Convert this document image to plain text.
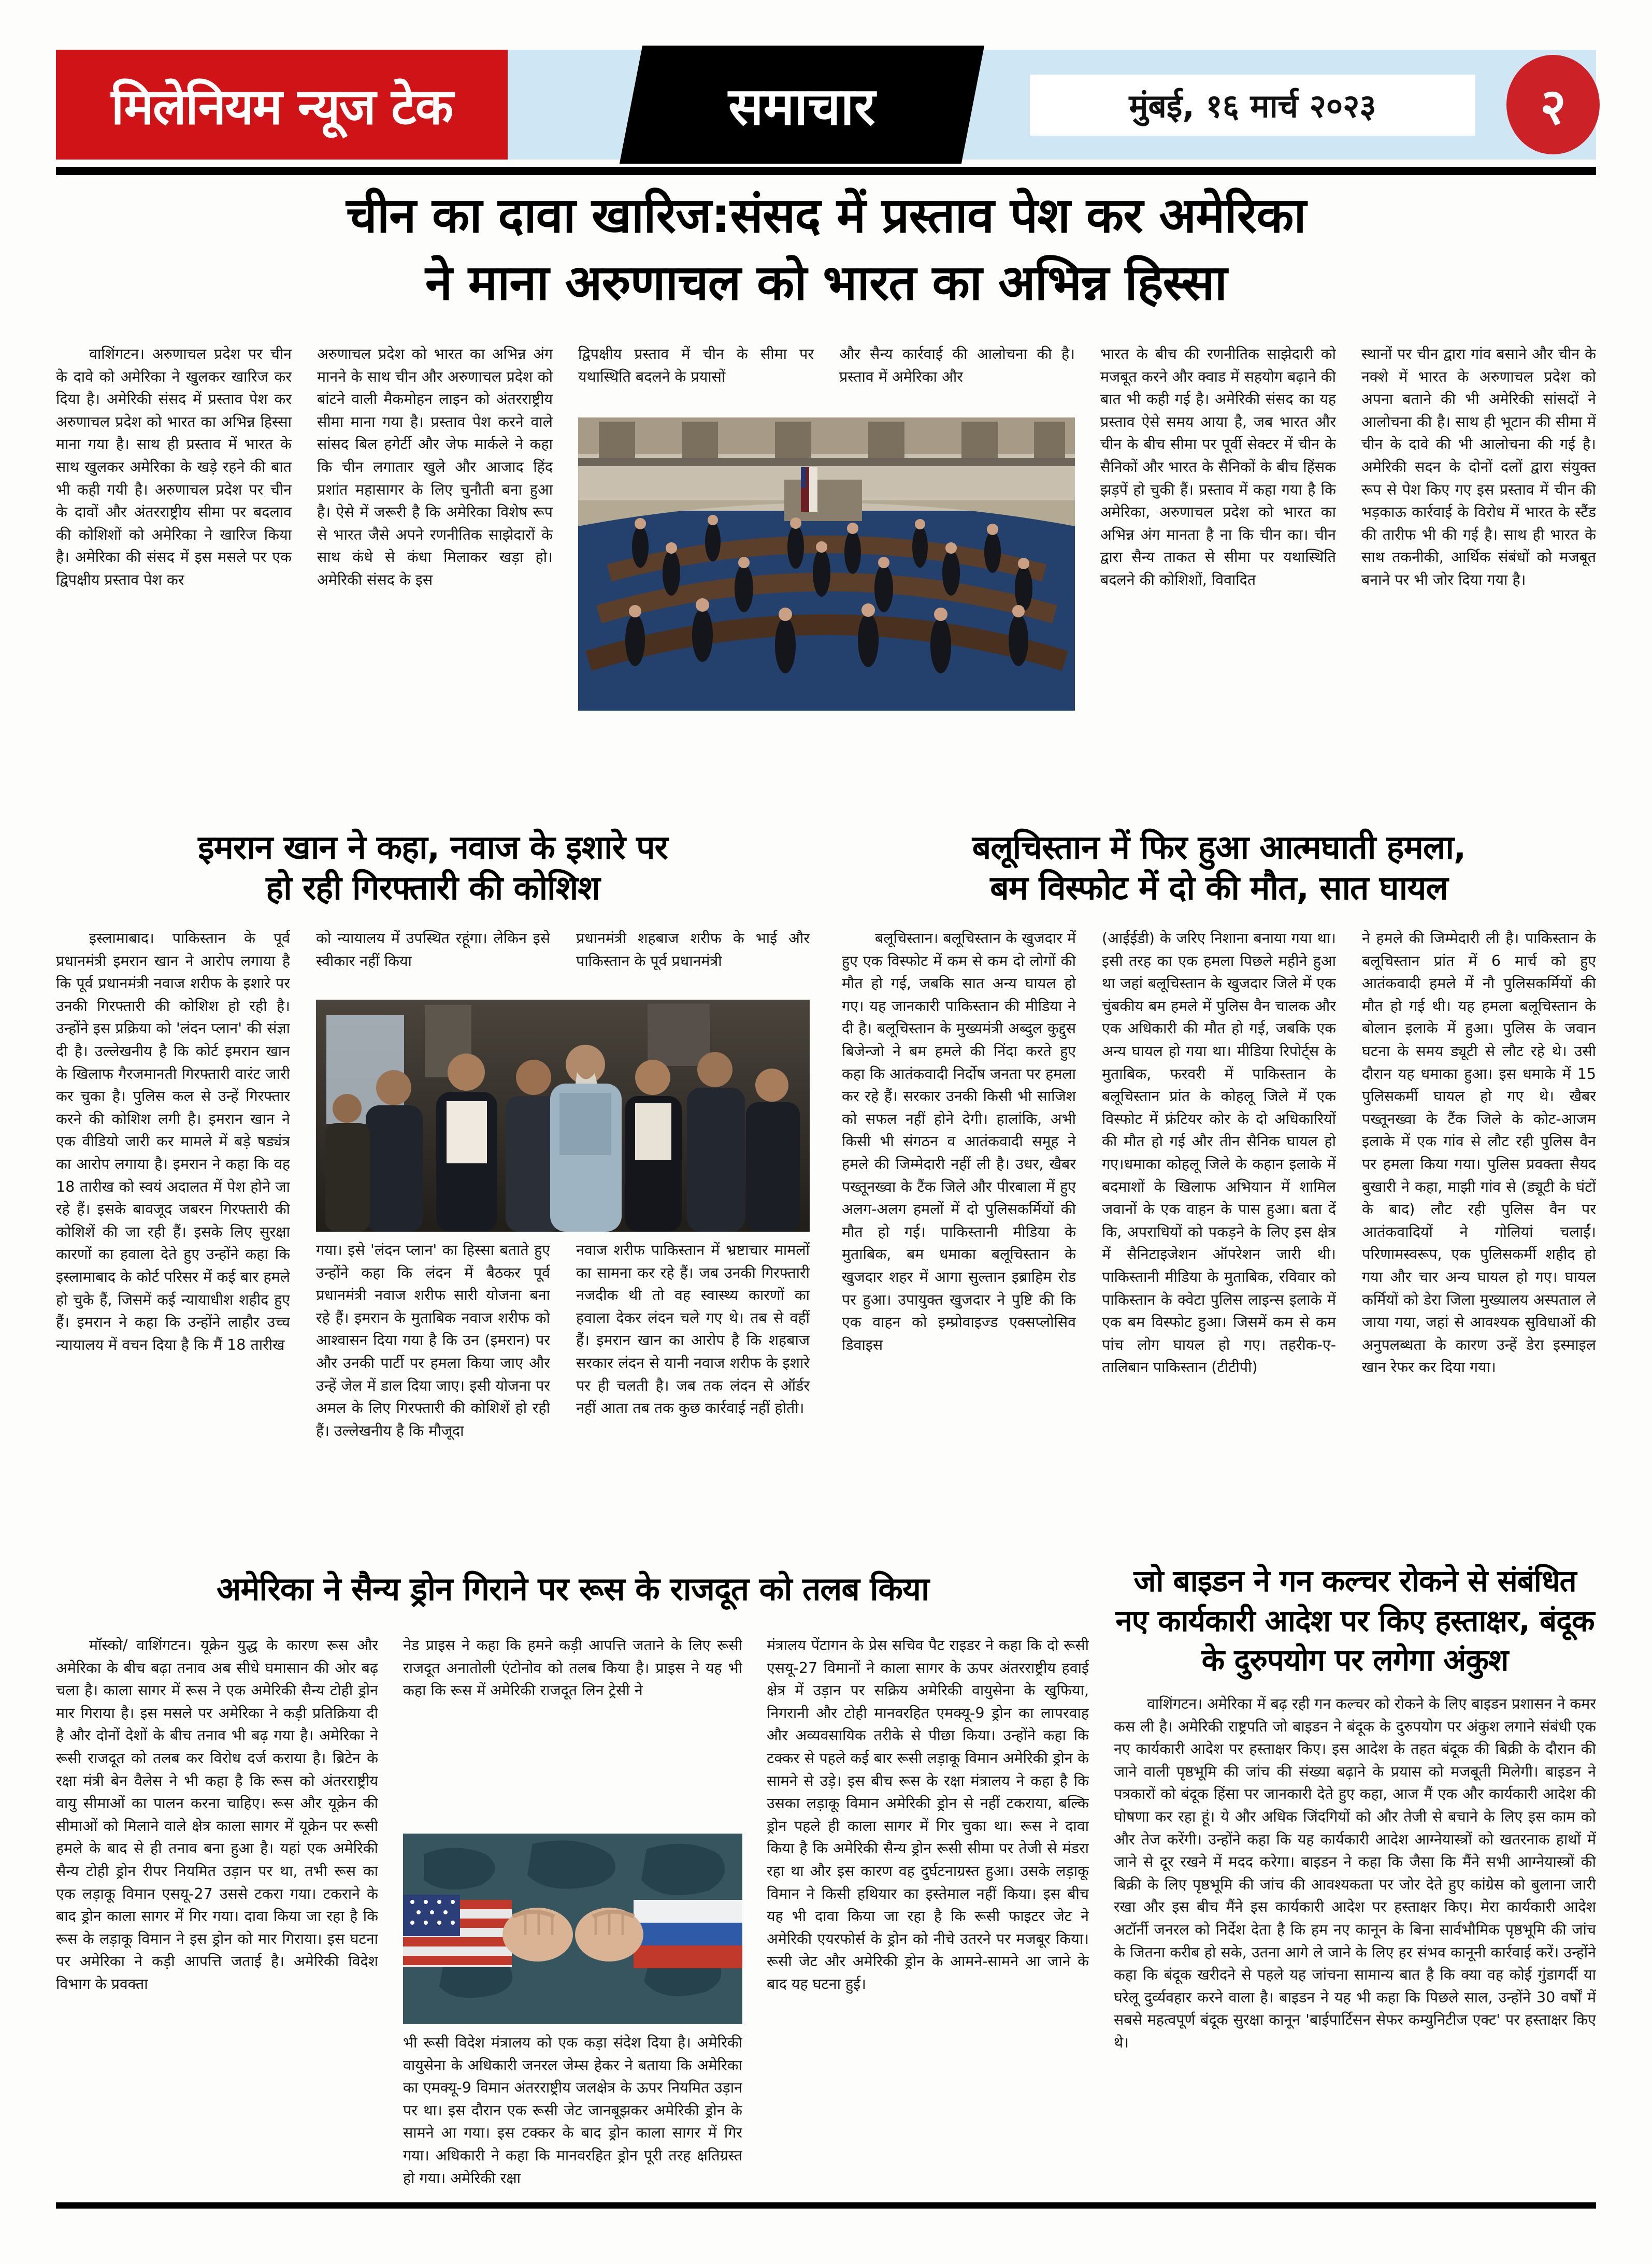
मिलेनियम न्यूज टेक	समाचार	मुंबई, १६ मार्च २०२३	२
चीन का दावा खारिज:संसद में प्रस्ताव पेश कर अमेरिका
ने माना अरुणाचल को भारत का अभिन्न हिस्सा
वाशिंगटन। अरुणाचल प्रदेश पर चीन के दावे को अमेरिका ने खुलकर खारिज कर दिया है। अमेरिकी संसद में प्रस्ताव पेश कर अरुणाचल प्रदेश को भारत का अभिन्न हिस्सा माना गया है। साथ ही प्रस्ताव में भारत के साथ खुलकर अमेरिका के खड़े रहने की बात भी कही गयी है। अरुणाचल प्रदेश पर चीन के दावों और अंतरराष्ट्रीय सीमा पर बदलाव की कोशिशों को अमेरिका ने खारिज किया है। अमेरिका की संसद में इस मसले पर एक द्विपक्षीय प्रस्ताव पेश कर
अरुणाचल प्रदेश को भारत का अभिन्न अंग मानने के साथ चीन और अरुणाचल प्रदेश को बांटने वाली मैकमोहन लाइन को अंतरराष्ट्रीय सीमा माना गया है। प्रस्ताव पेश करने वाले सांसद बिल हगेर्टी और जेफ मार्कले ने कहा कि चीन लगातार खुले और आजाद हिंद प्रशांत महासागर के लिए चुनौती बना हुआ है। ऐसे में जरूरी है कि अमेरिका विशेष रूप से भारत जैसे अपने रणनीतिक साझेदारों के साथ कंधे से कंधा मिलाकर खड़ा हो। अमेरिकी संसद के इस
द्विपक्षीय प्रस्ताव में चीन के सीमा पर यथास्थिति बदलने के प्रयासों
और सैन्य कार्रवाई की आलोचना की है। प्रस्ताव में अमेरिका और
भारत के बीच की रणनीतिक साझेदारी को मजबूत करने और क्वाड में सहयोग बढ़ाने की बात भी कही गई है। अमेरिकी संसद का यह प्रस्ताव ऐसे समय आया है, जब भारत और चीन के बीच सीमा पर पूर्वी सेक्टर में चीन के सैनिकों और भारत के सैनिकों के बीच हिंसक झड़पें हो चुकी हैं। प्रस्ताव में कहा गया है कि अमेरिका, अरुणाचल प्रदेश को भारत का अभिन्न अंग मानता है ना कि चीन का। चीन द्वारा सैन्य ताकत से सीमा पर यथास्थिति बदलने की कोशिशों, विवादित
स्थानों पर चीन द्वारा गांव बसाने और चीन के नक्शे में भारत के अरुणाचल प्रदेश को अपना बताने की भी अमेरिकी सांसदों ने आलोचना की है। साथ ही भूटान की सीमा में चीन के दावे की भी आलोचना की गई है। अमेरिकी सदन के दोनों दलों द्वारा संयुक्त रूप से पेश किए गए इस प्रस्ताव में चीन की भड़काऊ कार्रवाई के विरोध में भारत के स्टैंड की तारीफ भी की गई है। साथ ही भारत के साथ तकनीकी, आर्थिक संबंधों को मजबूत बनाने पर भी जोर दिया गया है।
इमरान खान ने कहा, नवाज के इशारे पर
हो रही गिरफ्तारी की कोशिश
इस्लामाबाद। पाकिस्तान के पूर्व प्रधानमंत्री इमरान खान ने आरोप लगाया है कि पूर्व प्रधानमंत्री नवाज शरीफ के इशारे पर उनकी गिरफ्तारी की कोशिश हो रही है। उन्होंने इस प्रक्रिया को 'लंदन प्लान' की संज्ञा दी है। उल्लेखनीय है कि कोर्ट इमरान खान के खिलाफ गैरजमानती गिरफ्तारी वारंट जारी कर चुका है। पुलिस कल से उन्हें गिरफ्तार करने की कोशिश लगी है। इमरान खान ने एक वीडियो जारी कर मामले में बड़े षड्यंत्र का आरोप लगाया है। इमरान ने कहा कि वह 18 तारीख को स्वयं अदालत में पेश होने जा रहे हैं। इसके बावजूद जबरन गिरफ्तारी की कोशिशें की जा रही हैं। इसके लिए सुरक्षा कारणों का हवाला देते हुए उन्होंने कहा कि इस्लामाबाद के कोर्ट परिसर में कई बार हमले हो चुके हैं, जिसमें कई न्यायाधीश शहीद हुए हैं। इमरान ने कहा कि उन्होंने लाहौर उच्च न्यायालय में वचन दिया है कि मैं 18 तारीख
को न्यायालय में उपस्थित रहूंगा। लेकिन इसे स्वीकार नहीं किया
प्रधानमंत्री शहबाज शरीफ के भाई और पाकिस्तान के पूर्व प्रधानमंत्री
गया। इसे 'लंदन प्लान' का हिस्सा बताते हुए उन्होंने कहा कि लंदन में बैठकर पूर्व प्रधानमंत्री नवाज शरीफ सारी योजना बना रहे हैं। इमरान के मुताबिक नवाज शरीफ को आश्वासन दिया गया है कि उन (इमरान) पर और उनकी पार्टी पर हमला किया जाए और उन्हें जेल में डाल दिया जाए। इसी योजना पर अमल के लिए गिरफ्तारी की कोशिशें हो रही हैं। उल्लेखनीय है कि मौजूदा
नवाज शरीफ पाकिस्तान में भ्रष्टाचार मामलों का सामना कर रहे हैं। जब उनकी गिरफ्तारी नजदीक थी तो वह स्वास्थ्य कारणों का हवाला देकर लंदन चले गए थे। तब से वहीं हैं। इमरान खान का आरोप है कि शहबाज सरकार लंदन से यानी नवाज शरीफ के इशारे पर ही चलती है। जब तक लंदन से ऑर्डर नहीं आता तब तक कुछ कार्रवाई नहीं होती।
बलूचिस्तान में फिर हुआ आत्मघाती हमला,
बम विस्फोट में दो की मौत, सात घायल
बलूचिस्तान। बलूचिस्तान के खुजदार में हुए एक विस्फोट में कम से कम दो लोगों की मौत हो गई, जबकि सात अन्य घायल हो गए। यह जानकारी पाकिस्तान की मीडिया ने दी है। बलूचिस्तान के मुख्यमंत्री अब्दुल कुद्दुस बिजेन्जो ने बम हमले की निंदा करते हुए कहा कि आतंकवादी निर्दोष जनता पर हमला कर रहे हैं। सरकार उनकी किसी भी साजिश को सफल नहीं होने देगी। हालांकि, अभी किसी भी संगठन व आतंकवादी समूह ने हमले की जिम्मेदारी नहीं ली है। उधर, खैबर पख्तूनख्वा के टैंक जिले और पीरबाला में हुए अलग-अलग हमलों में दो पुलिसकर्मियों की मौत हो गई। पाकिस्तानी मीडिया के मुताबिक, बम धमाका बलूचिस्तान के खुजदार शहर में आगा सुल्तान इब्राहिम रोड पर हुआ। उपायुक्त खुजदार ने पुष्टि की कि एक वाहन को इम्प्रोवाइज्ड एक्सप्लोसिव डिवाइस
(आईईडी) के जरिए निशाना बनाया गया था। इसी तरह का एक हमला पिछले महीने हुआ था जहां बलूचिस्तान के खुजदार जिले में एक चुंबकीय बम हमले में पुलिस वैन चालक और एक अधिकारी की मौत हो गई, जबकि एक अन्य घायल हो गया था। मीडिया रिपोर्ट्स के मुताबिक, फरवरी में पाकिस्तान के बलूचिस्तान प्रांत के कोहलू जिले में एक विस्फोट में फ्रंटियर कोर के दो अधिकारियों की मौत हो गई और तीन सैनिक घायल हो गए।धमाका कोहलू जिले के कहान इलाके में बदमाशों के खिलाफ अभियान में शामिल जवानों के एक वाहन के पास हुआ। बता दें कि, अपराधियों को पकड़ने के लिए इस क्षेत्र में सैनिटाइजेशन ऑपरेशन जारी थी। पाकिस्तानी मीडिया के मुताबिक, रविवार को पाकिस्तान के क्वेटा पुलिस लाइन्स इलाके में एक बम विस्फोट हुआ। जिसमें कम से कम पांच लोग घायल हो गए। तहरीक-ए-तालिबान पाकिस्तान (टीटीपी)
ने हमले की जिम्मेदारी ली है। पाकिस्तान के बलूचिस्तान प्रांत में 6 मार्च को हुए आतंकवादी हमले में नौ पुलिसकर्मियों की मौत हो गई थी। यह हमला बलूचिस्तान के बोलान इलाके में हुआ। पुलिस के जवान घटना के समय ड्यूटी से लौट रहे थे। उसी दौरान यह धमाका हुआ। इस धमाके में 15 पुलिसकर्मी घायल हो गए थे। खैबर पख्तूनख्वा के टैंक जिले के कोट-आजम इलाके में एक गांव से लौट रही पुलिस वैन पर हमला किया गया। पुलिस प्रवक्ता सैयद बुखारी ने कहा, माझी गांव से (ड्यूटी के घंटों के बाद) लौट रही पुलिस वैन पर आतंकवादियों ने गोलियां चलाईं। परिणामस्वरूप, एक पुलिसकर्मी शहीद हो गया और चार अन्य घायल हो गए। घायल कर्मियों को डेरा जिला मुख्यालय अस्पताल ले जाया गया, जहां से आवश्यक सुविधाओं की अनुपलब्धता के कारण उन्हें डेरा इस्माइल खान रेफर कर दिया गया।
अमेरिका ने सैन्य ड्रोन गिराने पर रूस के राजदूत को तलब किया
मॉस्को/ वाशिंगटन। यूक्रेन युद्ध के कारण रूस और अमेरिका के बीच बढ़ा तनाव अब सीधे घमासान की ओर बढ़ चला है। काला सागर में रूस ने एक अमेरिकी सैन्य टोही ड्रोन मार गिराया है। इस मसले पर अमेरिका ने कड़ी प्रतिक्रिया दी है और दोनों देशों के बीच तनाव भी बढ़ गया है। अमेरिका ने रूसी राजदूत को तलब कर विरोध दर्ज कराया है। ब्रिटेन के रक्षा मंत्री बेन वैलेस ने भी कहा है कि रूस को अंतरराष्ट्रीय वायु सीमाओं का पालन करना चाहिए। रूस और यूक्रेन की सीमाओं को मिलाने वाले क्षेत्र काला सागर में यूक्रेन पर रूसी हमले के बाद से ही तनाव बना हुआ है। यहां एक अमेरिकी सैन्य टोही ड्रोन रीपर नियमित उड़ान पर था, तभी रूस का एक लड़ाकू विमान एसयू-27 उससे टकरा गया। टकराने के बाद ड्रोन काला सागर में गिर गया। दावा किया जा रहा है कि रूस के लड़ाकू विमान ने इस ड्रोन को मार गिराया। इस घटना पर अमेरिका ने कड़ी आपत्ति जताई है। अमेरिकी विदेश विभाग के प्रवक्ता
नेड प्राइस ने कहा कि हमने कड़ी आपत्ति जताने के लिए रूसी राजदूत अनातोली एंटोनोव को तलब किया है। प्राइस ने यह भी कहा कि रूस में अमेरिकी राजदूत लिन ट्रेसी ने
भी रूसी विदेश मंत्रालय को एक कड़ा संदेश दिया है। अमेरिकी वायुसेना के अधिकारी जनरल जेम्स हेकर ने बताया कि अमेरिका का एमक्यू-9 विमान अंतरराष्ट्रीय जलक्षेत्र के ऊपर नियमित उड़ान पर था। इस दौरान एक रूसी जेट जानबूझकर अमेरिकी ड्रोन के सामने आ गया। इस टक्कर के बाद ड्रोन काला सागर में गिर गया। अधिकारी ने कहा कि मानवरहित ड्रोन पूरी तरह क्षतिग्रस्त हो गया। अमेरिकी रक्षा
मंत्रालय पेंटागन के प्रेस सचिव पैट राइडर ने कहा कि दो रूसी एसयू-27 विमानों ने काला सागर के ऊपर अंतरराष्ट्रीय हवाई क्षेत्र में उड़ान पर सक्रिय अमेरिकी वायुसेना के खुफिया, निगरानी और टोही मानवरहित एमक्यू-9 ड्रोन का लापरवाह और अव्यवसायिक तरीके से पीछा किया। उन्होंने कहा कि टक्कर से पहले कई बार रूसी लड़ाकू विमान अमेरिकी ड्रोन के सामने से उड़े। इस बीच रूस के रक्षा मंत्रालय ने कहा है कि उसका लड़ाकू विमान अमेरिकी ड्रोन से नहीं टकराया, बल्कि ड्रोन पहले ही काला सागर में गिर चुका था। रूस ने दावा किया है कि अमेरिकी सैन्य ड्रोन रूसी सीमा पर तेजी से मंडरा रहा था और इस कारण वह दुर्घटनाग्रस्त हुआ। उसके लड़ाकू विमान ने किसी हथियार का इस्तेमाल नहीं किया। इस बीच यह भी दावा किया जा रहा है कि रूसी फाइटर जेट ने अमेरिकी एयरफोर्स के ड्रोन को नीचे उतरने पर मजबूर किया। रूसी जेट और अमेरिकी ड्रोन के आमने-सामने आ जाने के बाद यह घटना हुई।
जो बाइडन ने गन कल्चर रोकने से संबंधित
नए कार्यकारी आदेश पर किए हस्ताक्षर, बंदूक
के दुरुपयोग पर लगेगा अंकुश
वाशिंगटन। अमेरिका में बढ़ रही गन कल्चर को रोकने के लिए बाइडन प्रशासन ने कमर कस ली है। अमेरिकी राष्ट्रपति जो बाइडन ने बंदूक के दुरुपयोग पर अंकुश लगाने संबंधी एक नए कार्यकारी आदेश पर हस्ताक्षर किए। इस आदेश के तहत बंदूक की बिक्री के दौरान की जाने वाली पृष्ठभूमि की जांच की संख्या बढ़ाने के प्रयास को मजबूती मिलेगी। बाइडन ने पत्रकारों को बंदूक हिंसा पर जानकारी देते हुए कहा, आज मैं एक और कार्यकारी आदेश की घोषणा कर रहा हूं। ये और अधिक जिंदगियों को और तेजी से बचाने के लिए इस काम को और तेज करेंगी। उन्होंने कहा कि यह कार्यकारी आदेश आग्नेयास्त्रों को खतरनाक हाथों में जाने से दूर रखने में मदद करेगा। बाइडन ने कहा कि जैसा कि मैंने सभी आग्नेयास्त्रों की बिक्री के लिए पृष्ठभूमि की जांच की आवश्यकता पर जोर देते हुए कांग्रेस को बुलाना जारी रखा और इस बीच मैंने इस कार्यकारी आदेश पर हस्ताक्षर किए। मेरा कार्यकारी आदेश अटॉर्नी जनरल को निर्देश देता है कि हम नए कानून के बिना सार्वभौमिक पृष्ठभूमि की जांच के जितना करीब हो सके, उतना आगे ले जाने के लिए हर संभव कानूनी कार्रवाई करें। उन्होंने कहा कि बंदूक खरीदने से पहले यह जांचना सामान्य बात है कि क्या वह कोई गुंडागर्दी या घरेलू दुर्व्यवहार करने वाला है। बाइडन ने यह भी कहा कि पिछले साल, उन्होंने 30 वर्षों में सबसे महत्वपूर्ण बंदूक सुरक्षा कानून 'बाईपार्टिसन सेफर कम्युनिटीज एक्ट' पर हस्ताक्षर किए थे।
